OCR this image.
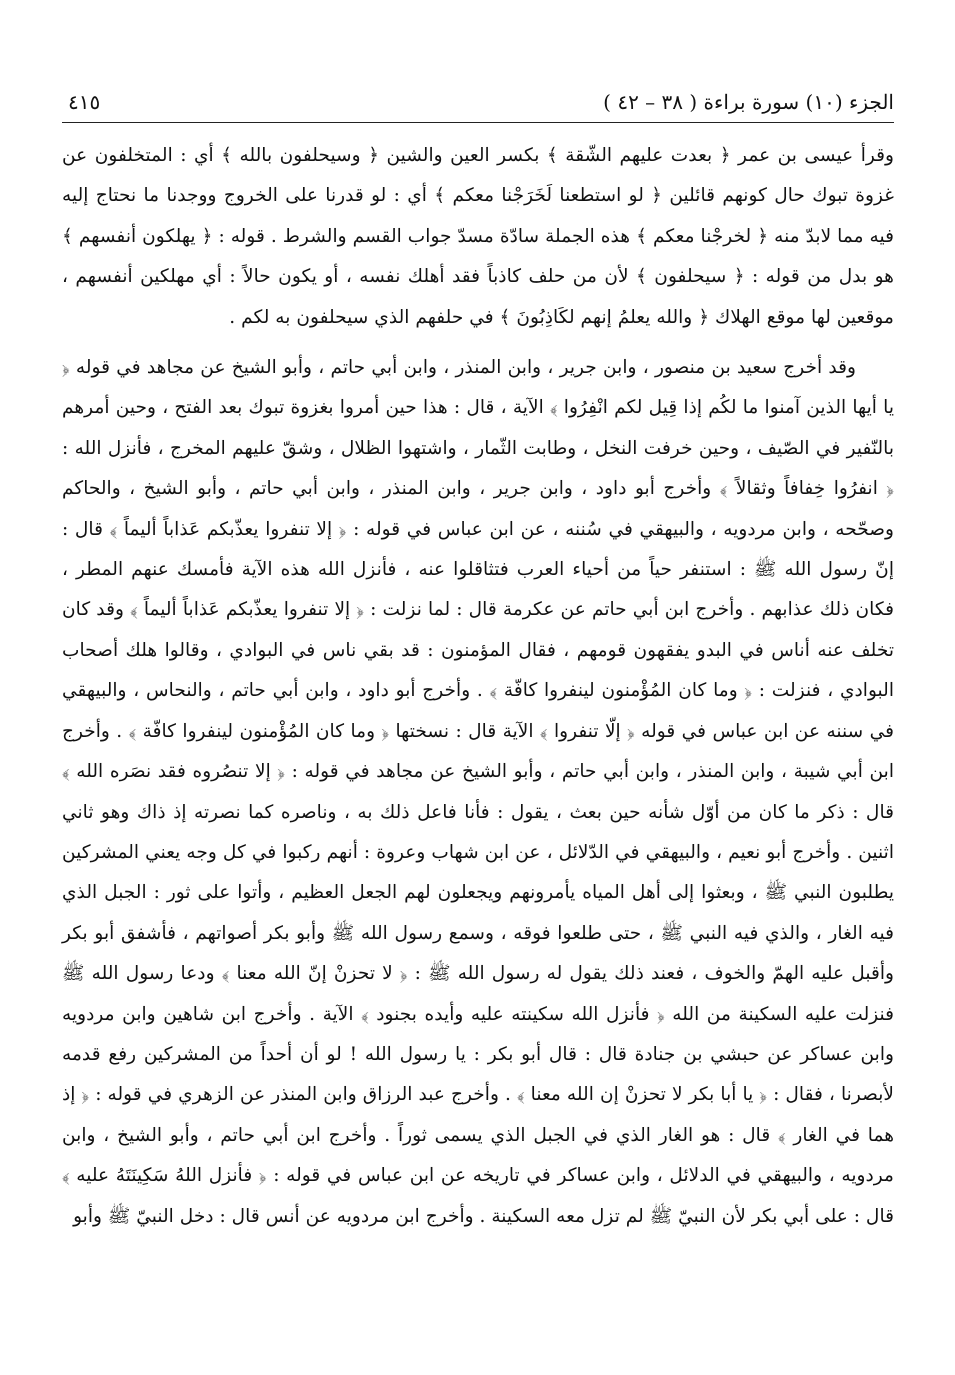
الجزء (١٠) سورة براءة ( ٣٨ – ٤٢ )
٤١٥

وقرأ عيسى بن عمر ﴿ بعدت عليهم الشّقة ﴾ بكسر العين والشين ﴿ وسيحلفون بالله ﴾ أي : المتخلفون عن غزوة تبوك حال كونهم قائلين ﴿ لو استطعنا لَخَرَجْنا معكم ﴾ أي : لو قدرنا على الخروج ووجدنا ما نحتاج إليه فيه مما لابدّ منه ﴿ لخرجْنا معكم ﴾ هذه الجملة سادّة مسدّ جواب القسم والشرط . قوله : ﴿ يهلكون أنفسهم ﴾ هو بدل من قوله : ﴿ سيحلفون ﴾ لأن من حلف كاذباً فقد أهلك نفسه ، أو يكون حالاً : أي مهلكين أنفسهم ، موقعين لها موقع الهلاك ﴿ والله يعلمُ إنهم لكَاذِبُونَ ﴾ في حلفهم الذي سيحلفون به لكم .

وقد أخرج سعيد بن منصور ، وابن جرير ، وابن المنذر ، وابن أبي حاتم ، وأبو الشيخ عن مجاهد في قوله ﴿ يا أيها الذين آمنوا ما لكُم إذا قِيل لكم انْفِرُوا ﴾ الآية ، قال : هذا حين أمروا بغزوة تبوك بعد الفتح ، وحين أمرهم بالنّفير في الصّيف ، وحين خرفت النخل ، وطابت الثّمار ، واشتهوا الظلال ، وشقّ عليهم المخرج ، فأنزل الله : ﴿ انفرُوا خِفافاً وثقالاً ﴾ وأخرج أبو داود ، وابن جرير ، وابن المنذر ، وابن أبي حاتم ، وأبو الشيخ ، والحاكم وصحّحه ، وابن مردويه ، والبيهقي في سُننه ، عن ابن عباس في قوله : ﴿ إلا تنفروا يعذّبكم عَذاباً أليماً ﴾ قال : إنّ رسول الله ﷺ : استنفر حياً من أحياء العرب فتثاقلوا عنه ، فأنزل الله هذه الآية فأمسك عنهم المطر ، فكان ذلك عذابهم . وأخرج ابن أبي حاتم عن عكرمة قال : لما نزلت : ﴿ إلا تنفروا يعذّبكم عَذاباً أليماً ﴾ وقد كان تخلف عنه أناس في البدو يفقهون قومهم ، فقال المؤمنون : قد بقي ناس في البوادي ، وقالوا هلك أصحاب البوادي ، فنزلت : ﴿ وما كان المُؤْمنون لينفروا كافّة ﴾ . وأخرج أبو داود ، وابن أبي حاتم ، والنحاس ، والبيهقي في سننه عن ابن عباس في قوله ﴿ إلّا تنفروا ﴾ الآية قال : نسختها ﴿ وما كان المُؤْمنون لينفروا كافّة ﴾ . وأخرج ابن أبي شيبة ، وابن المنذر ، وابن أبي حاتم ، وأبو الشيخ عن مجاهد في قوله : ﴿ إلا تنصُروه فقد نصَره الله ﴾ قال : ذكر ما كان من أوّل شأنه حين بعث ، يقول : فأنا فاعل ذلك به ، وناصره كما نصرته إذ ذاك وهو ثاني اثنين . وأخرج أبو نعيم ، والبيهقي في الدّلائل ، عن ابن شهاب وعروة : أنهم ركبوا في كل وجه يعني المشركين يطلبون النبي ﷺ ، وبعثوا إلى أهل المياه يأمرونهم ويجعلون لهم الجعل العظيم ، وأتوا على ثور : الجبل الذي فيه الغار ، والذي فيه النبي ﷺ ، حتى طلعوا فوقه ، وسمع رسول الله ﷺ وأبو بكر أصواتهم ، فأشفق أبو بكر وأقبل عليه الهمّ والخوف ، فعند ذلك يقول له رسول الله ﷺ : ﴿ لا تحزنْ إنّ الله معنا ﴾ ودعا رسول الله ﷺ فنزلت عليه السكينة من الله ﴿ فأنزل الله سكينته عليه وأيده بجنود ﴾ الآية . وأخرج ابن شاهين وابن مردويه وابن عساكر عن حبشي بن جنادة قال : قال أبو بكر : يا رسول الله ! لو أن أحداً من المشركين رفع قدمه لأبصرنا ، فقال : ﴿ يا أبا بكر لا تحزنْ إن الله معنا ﴾ . وأخرج عبد الرزاق وابن المنذر عن الزهري في قوله : ﴿ إذ هما في الغار ﴾ قال : هو الغار الذي في الجبل الذي يسمى ثوراً . وأخرج ابن أبي حاتم ، وأبو الشيخ ، وابن مردويه ، والبيهقي في الدلائل ، وابن عساكر في تاريخه عن ابن عباس في قوله : ﴿ فأنزل اللهُ سَكِينَتَهُ عليه ﴾ قال : على أبي بكر لأن النبيّ ﷺ لم تزل معه السكينة . وأخرج ابن مردويه عن أنس قال : دخل النبيّ ﷺ وأبو
